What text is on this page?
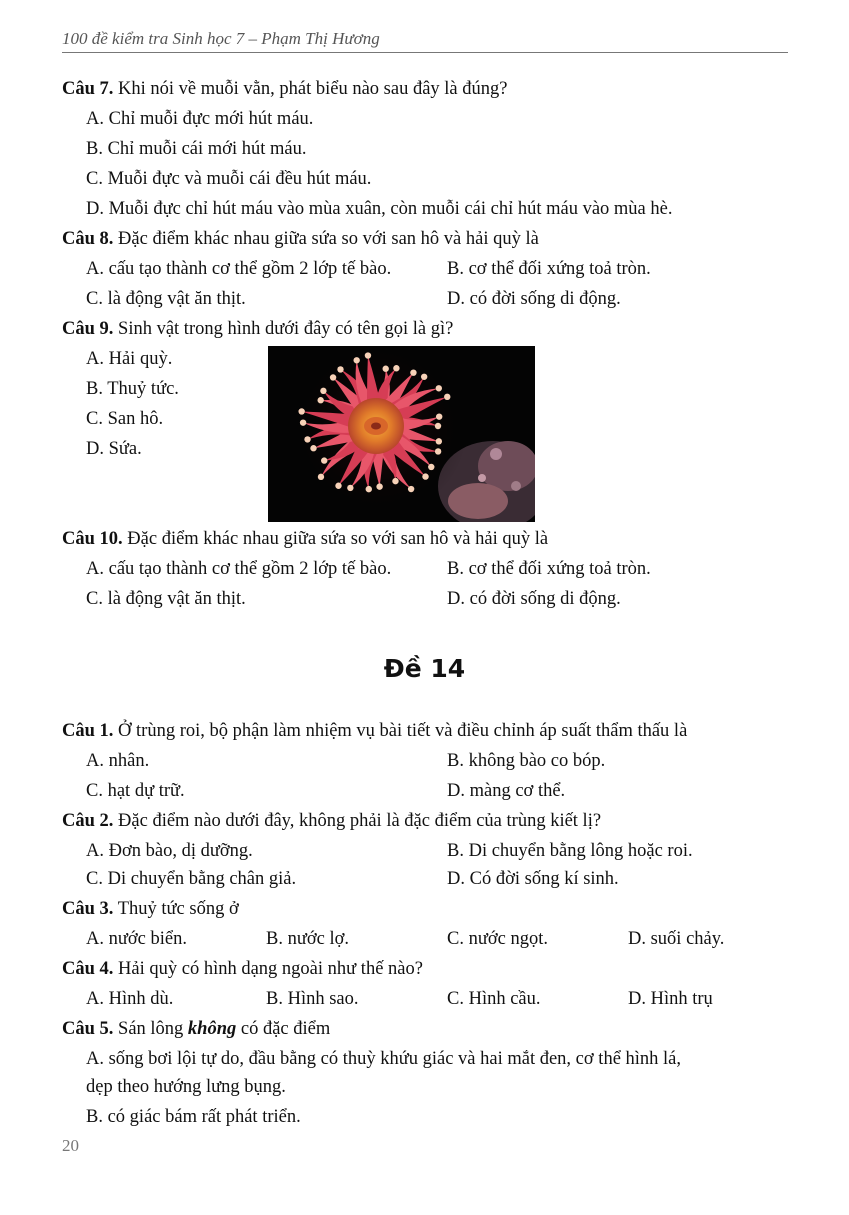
100 đề kiểm tra Sinh học 7 – Phạm Thị Hương
Câu 7. Khi nói về muỗi vằn, phát biểu nào sau đây là đúng?
A. Chỉ muỗi đực mới hút máu.
B. Chỉ muỗi cái mới hút máu.
C. Muỗi đực và muỗi cái đều hút máu.
D. Muỗi đực chỉ hút máu vào mùa xuân, còn muỗi cái chỉ hút máu vào mùa hè.
Câu 8. Đặc điểm khác nhau giữa sứa so với san hô và hải quỳ là
A. cấu tạo thành cơ thể gồm 2 lớp tế bào.	B. cơ thể đối xứng toả tròn.
C. là động vật ăn thịt.	D. có đời sống di động.
Câu 9. Sinh vật trong hình dưới đây có tên gọi là gì?
A. Hải quỳ.
B. Thuỷ tức.
C. San hô.
D. Sứa.
Câu 10. Đặc điểm khác nhau giữa sứa so với san hô và hải quỳ là
A. cấu tạo thành cơ thể gồm 2 lớp tế bào.	B. cơ thể đối xứng toả tròn.
C. là động vật ăn thịt.	D. có đời sống di động.
Đề 14
Câu 1. Ở trùng roi, bộ phận làm nhiệm vụ bài tiết và điều chỉnh áp suất thẩm thấu là
A. nhân.	B. không bào co bóp.
C. hạt dự trữ.	D. màng cơ thể.
Câu 2. Đặc điểm nào dưới đây, không phải là đặc điểm của trùng kiết lị?
A. Đơn bào, dị dưỡng.	B. Di chuyển bằng lông hoặc roi.
C. Di chuyển bằng chân giả.	D. Có đời sống kí sinh.
Câu 3. Thuỷ tức sống ở
A. nước biển.	B. nước lợ.	C. nước ngọt.	D. suối chảy.
Câu 4. Hải quỳ có hình dạng ngoài như thế nào?
A. Hình dù.	B. Hình sao.	C. Hình cầu.	D. Hình trụ
Câu 5. Sán lông không có đặc điểm
A. sống bơi lội tự do, đầu bằng có thuỳ khứu giác và hai mắt đen, cơ thể hình lá,
dẹp theo hướng lưng bụng.
B. có giác bám rất phát triển.
20
